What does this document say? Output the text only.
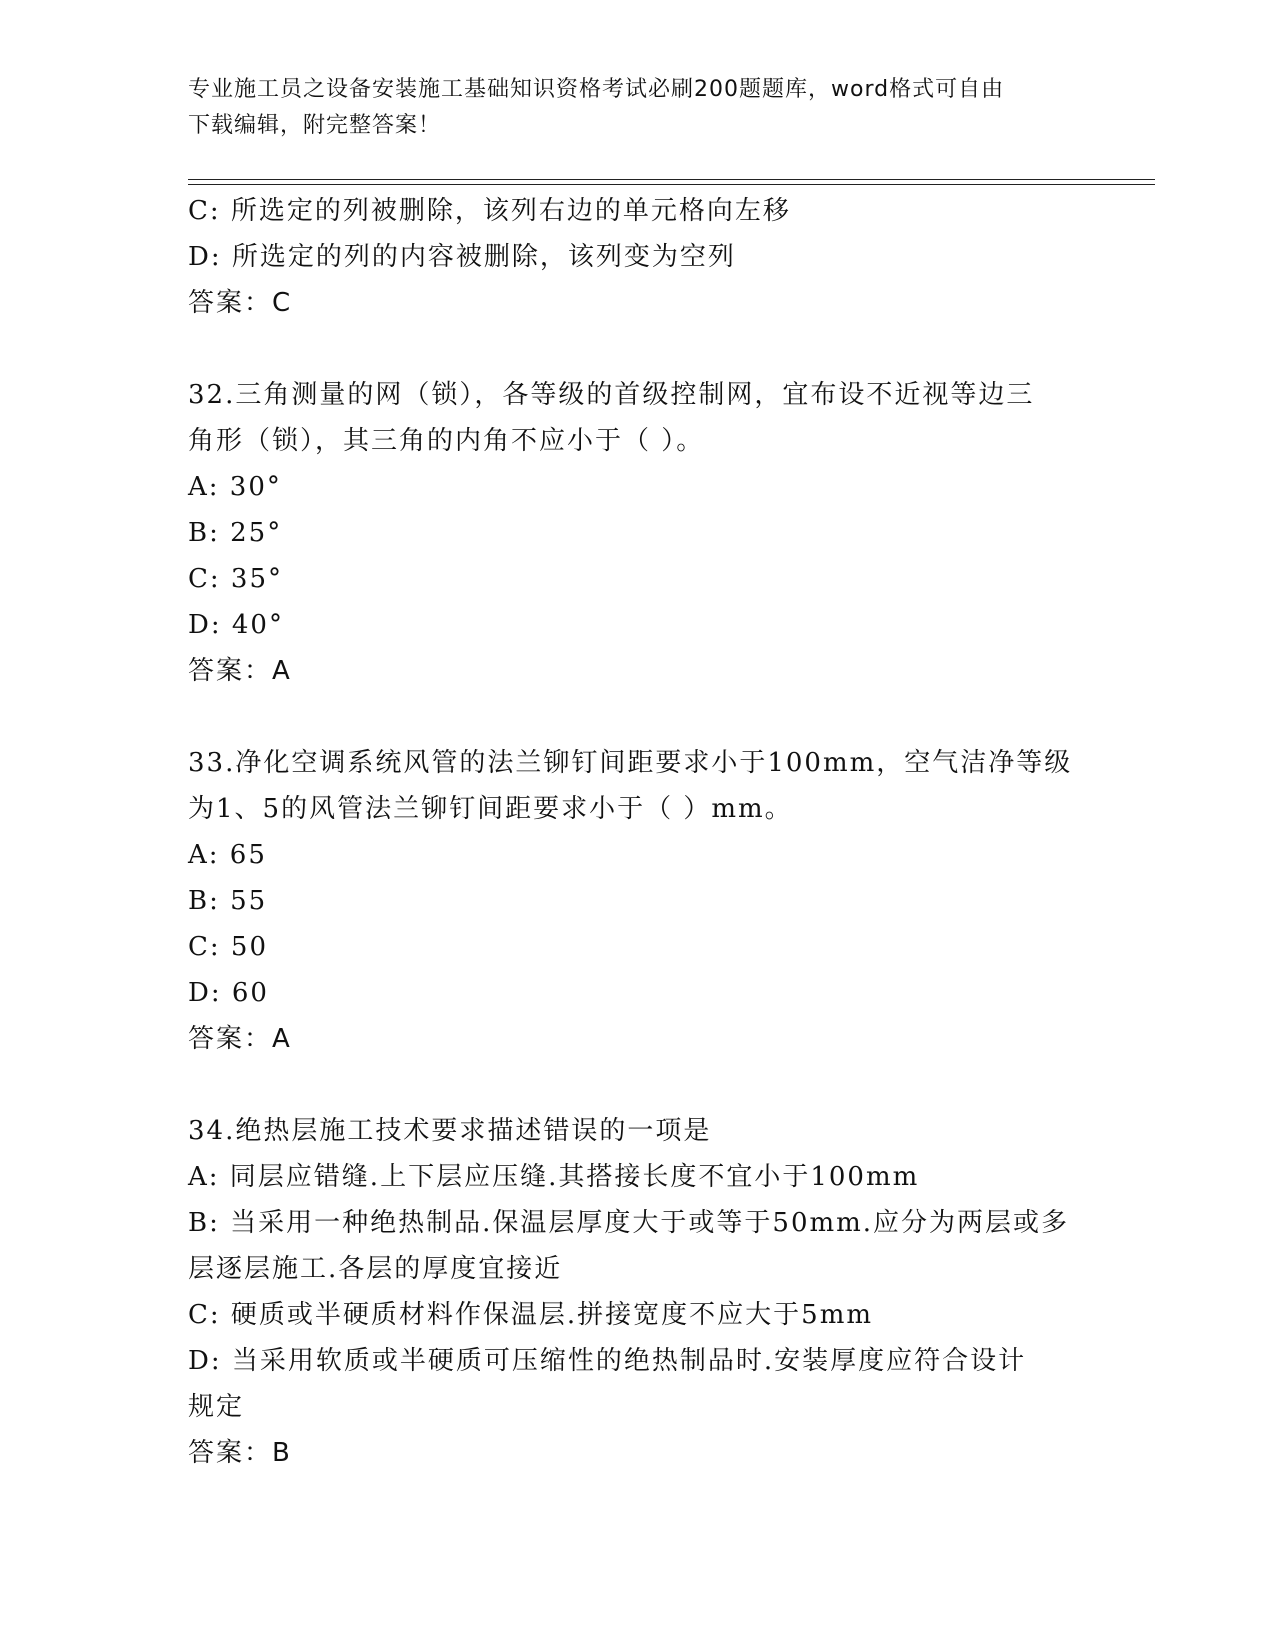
专业施工员之设备安装施工基础知识资格考试必刷200题题库，word格式可自由
下载编辑，附完整答案！
C: 所选定的列被删除，该列右边的单元格向左移
D: 所选定的列的内容被删除，该列变为空列
答案：C
32.三角测量的网（锁），各等级的首级控制网，宜布设不近视等边三
角形（锁），其三角的内角不应小于（ ）。
A: 30°
B: 25°
C: 35°
D: 40°
答案：A
33.净化空调系统风管的法兰铆钉间距要求小于100mm，空气洁净等级
为1、5的风管法兰铆钉间距要求小于（ ）mm。
A: 65
B: 55
C: 50
D: 60
答案：A
34.绝热层施工技术要求描述错误的一项是
A: 同层应错缝.上下层应压缝.其搭接长度不宜小于100mm
B: 当采用一种绝热制品.保温层厚度大于或等于50mm.应分为两层或多
层逐层施工.各层的厚度宜接近
C: 硬质或半硬质材料作保温层.拼接宽度不应大于5mm
D: 当采用软质或半硬质可压缩性的绝热制品时.安装厚度应符合设计
规定
答案：B
